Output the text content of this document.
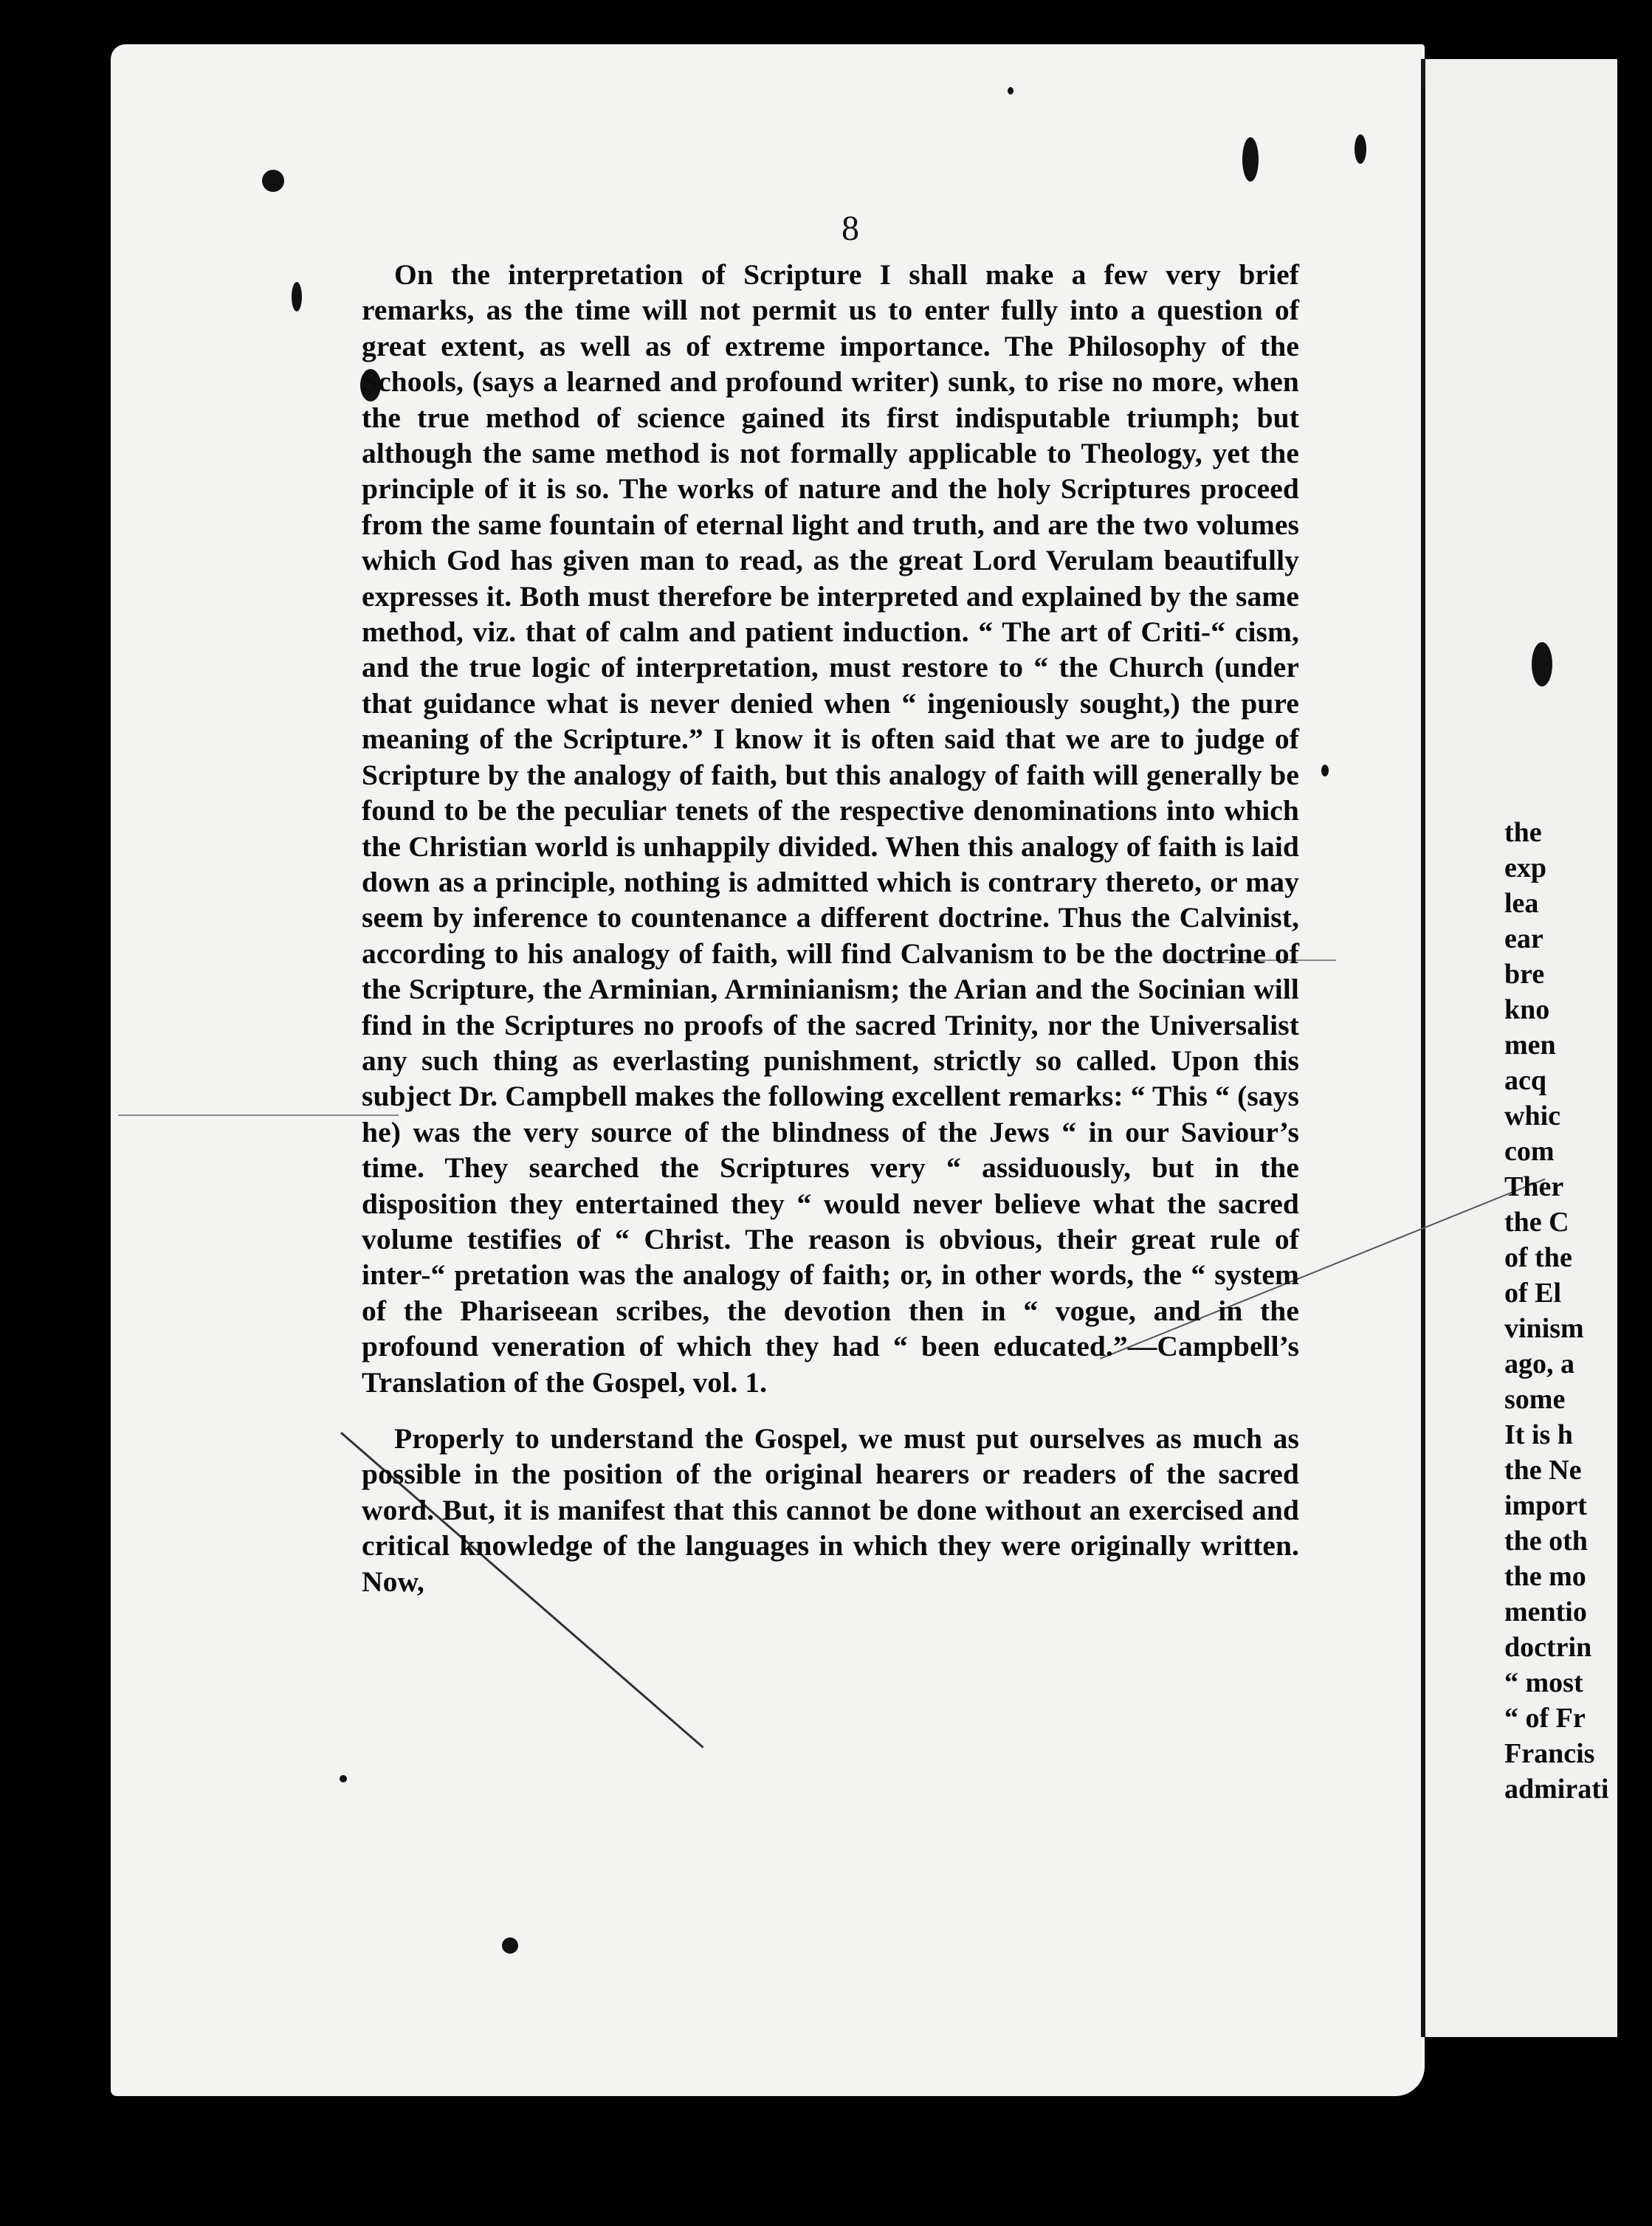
8

On the interpretation of Scripture I shall make a few very brief remarks, as the time will not permit us to enter fully into a question of great extent, as well as of extreme importance. The Philosophy of the Schools, (says a learned and profound writer) sunk, to rise no more, when the true method of science gained its first indisputable triumph; but although the same method is not formally applicable to Theology, yet the principle of it is so. The works of nature and the holy Scriptures proceed from the same fountain of eternal light and truth, and are the two volumes which God has given man to read, as the great Lord Verulam beautifully expresses it. Both must therefore be interpreted and explained by the same method, viz. that of calm and patient induction. “ The art of Criti-“ cism, and the true logic of interpretation, must restore to “ the Church (under that guidance what is never denied when “ ingeniously sought,) the pure meaning of the Scripture.” I know it is often said that we are to judge of Scripture by the analogy of faith, but this analogy of faith will generally be found to be the peculiar tenets of the respective denominations into which the Christian world is unhappily divided. When this analogy of faith is laid down as a principle, nothing is admitted which is contrary thereto, or may seem by inference to countenance a different doctrine. Thus the Calvinist, according to his analogy of faith, will find Calvanism to be the doctrine of the Scripture, the Arminian, Arminianism; the Arian and the Socinian will find in the Scriptures no proofs of the sacred Trinity, nor the Universalist any such thing as everlasting punishment, strictly so called. Upon this subject Dr. Campbell makes the following excellent remarks: “ This “ (says he) was the very source of the blindness of the Jews “ in our Saviour’s time. They searched the Scriptures very “ assiduously, but in the disposition they entertained they “ would never believe what the sacred volume testifies of “ Christ. The reason is obvious, their great rule of inter-“ pretation was the analogy of faith; or, in other words, the “ system of the Phariseean scribes, the devotion then in “ vogue, and in the profound veneration of which they had “ been educated.”—Campbell’s Translation of the Gospel, vol. 1.

Properly to understand the Gospel, we must put ourselves as much as possible in the position of the original hearers or readers of the sacred word. But, it is manifest that this cannot be done without an exercised and critical knowledge of the languages in which they were originally written. Now,

the
exp
lea
ear
bre
kno
men
acq
whic
com
Ther
the C
of the
of El
vinism
ago, a
some
It is h
the Ne
import
the oth
the mo
mentio
doctrin
“ most
“ of Fr
Francis
admirati
